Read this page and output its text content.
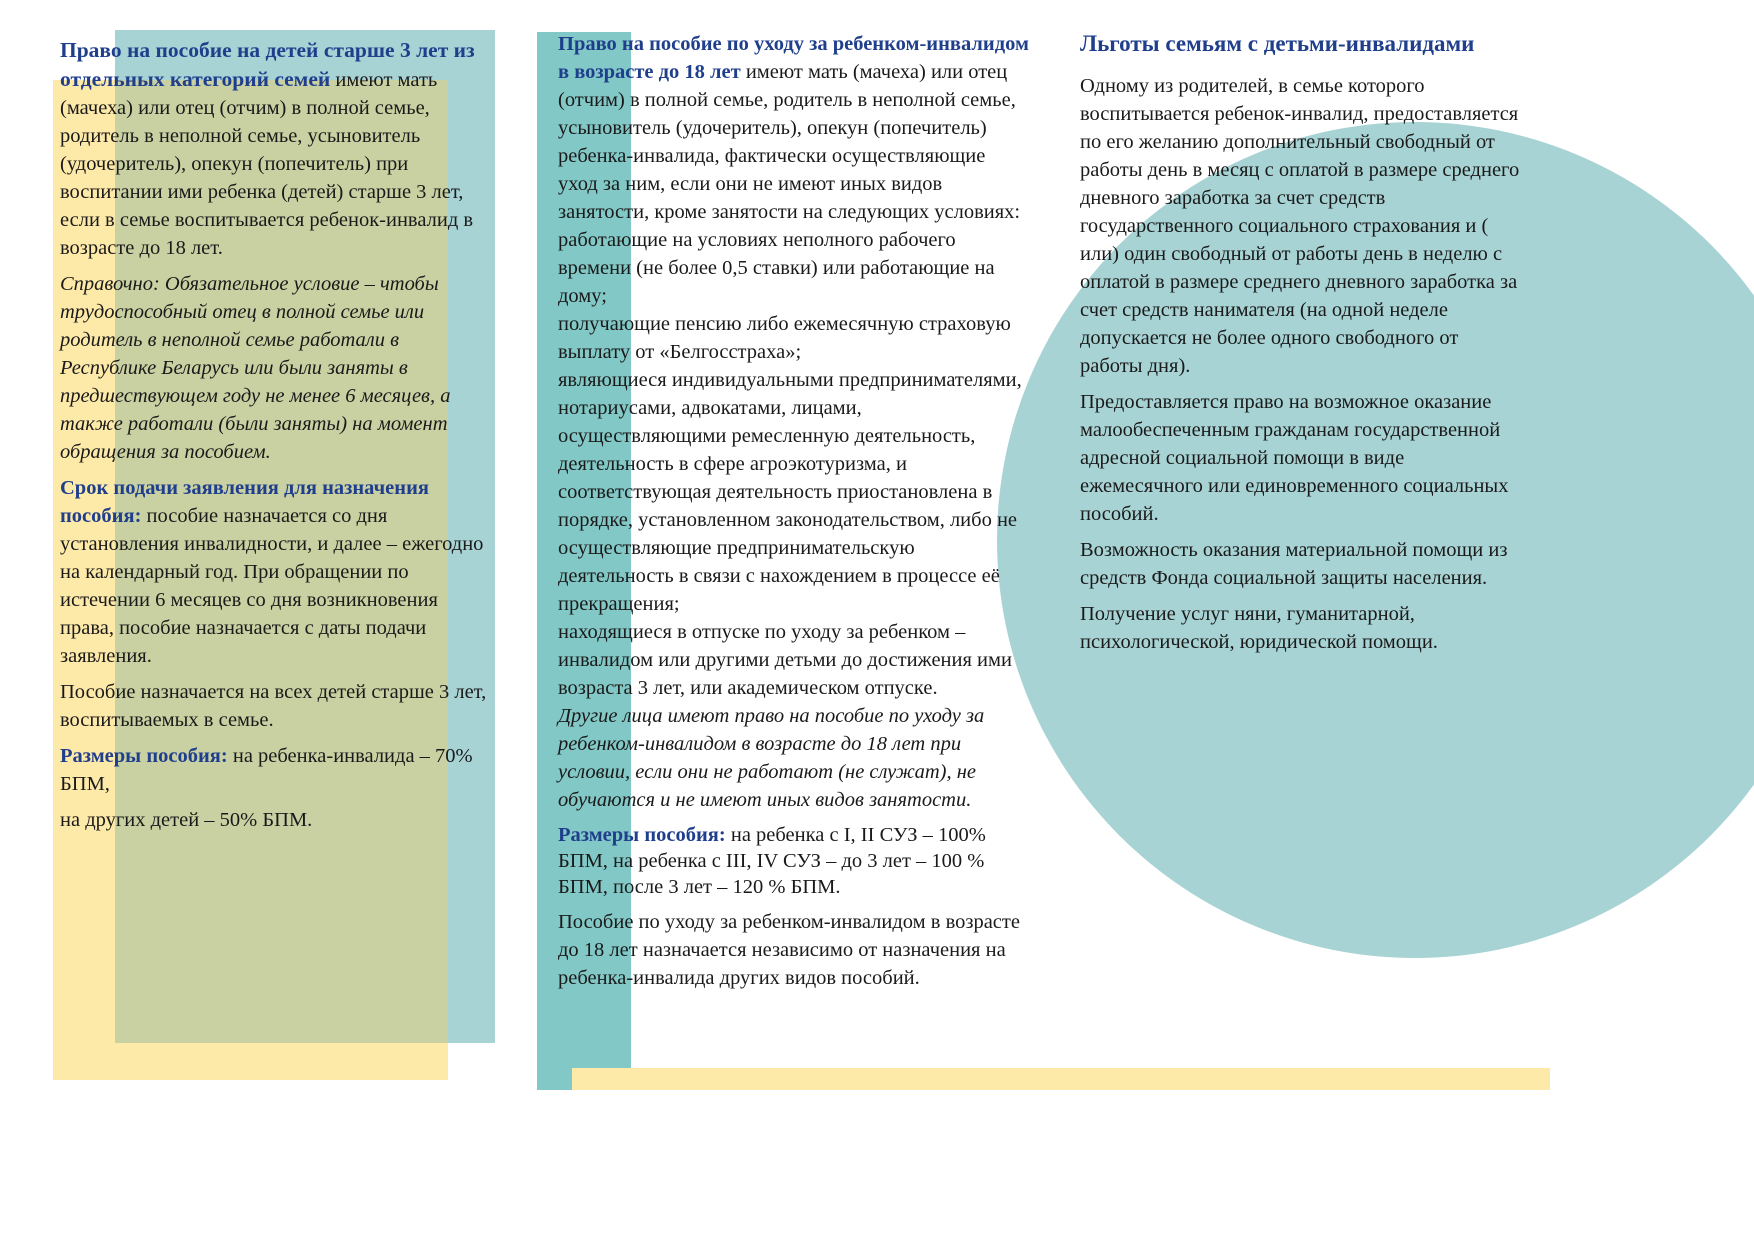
Право на пособие на детей старше 3 лет из отдельных категорий семей имеют мать (мачеха) или отец (отчим) в полной семье, родитель в неполной семье, усыновитель (удочеритель), опекун (попечитель) при воспитании ими ребенка (детей) старше 3 лет, если в семье воспитывается ребенок-инвалид в возрасте до 18 лет.

Справочно: Обязательное условие – чтобы трудоспособный отец в полной семье или родитель в неполной семье работали в Республике Беларусь или были заняты в предшествующем году не менее 6 месяцев, а также работали (были заняты) на момент обращения за пособием.

Срок подачи заявления для назначения пособия: пособие назначается со дня установления инвалидности, и далее – ежегодно на календарный год. При обращении по истечении 6 месяцев со дня возникновения права, пособие назначается с даты подачи заявления.

Пособие назначается на всех детей старше 3 лет, воспитываемых в семье.

Размеры пособия: на ребенка-инвалида – 70% БПМ,

на других детей – 50% БПМ.

Право на пособие по уходу за ребенком-инвалидом в возрасте до 18 лет имеют мать (мачеха) или отец (отчим) в полной семье, родитель в неполной семье, усыновитель (удочеритель), опекун (попечитель) ребенка-инвалида, фактически осуществляющие уход за ним, если они не имеют иных видов занятости, кроме занятости на следующих условиях:

работающие на условиях неполного рабочего времени (не более 0,5 ставки) или работающие на дому;
получающие пенсию либо ежемесячную страховую выплату от «Белгосстраха»;
являющиеся индивидуальными предпринимателями, нотариусами, адвокатами, лицами, осуществляющими ремесленную деятельность, деятельность в сфере агроэкотуризма, и соответствующая деятельность приостановлена в порядке, установленном законодательством, либо не осуществляющие предпринимательскую деятельность в связи с нахождением в процессе её прекращения;
находящиеся в отпуске по уходу за ребенком – инвалидом или другими детьми до достижения ими возраста 3 лет, или академическом отпуске.

Другие лица имеют право на пособие по уходу за ребенком-инвалидом в возрасте до 18 лет при условии, если они не работают (не служат), не обучаются и не имеют иных видов занятости.

Размеры пособия: на ребенка с I, II СУЗ – 100% БПМ, на ребенка с III, IV СУЗ – до 3 лет – 100 % БПМ, после 3 лет – 120 % БПМ.

Пособие по уходу за ребенком-инвалидом в возрасте до 18 лет назначается независимо от назначения на ребенка-инвалида других видов пособий.

Льготы семьям с детьми-инвалидами

Одному из родителей, в семье которого воспитывается ребенок-инвалид, предоставляется по его желанию дополнительный свободный от работы день в месяц с оплатой в размере среднего дневного заработка за счет средств государственного социального страхования и ( или) один свободный от работы день в неделю с оплатой в размере среднего дневного заработка за счет средств нанимателя (на одной неделе допускается не более одного свободного от работы дня).

Предоставляется право на возможное оказание малообеспеченным гражданам государственной адресной социальной помощи в виде ежемесячного или единовременного социальных пособий.

Возможность оказания материальной помощи из средств Фонда социальной защиты населения.

Получение услуг няни, гуманитарной, психологической, юридической помощи.
